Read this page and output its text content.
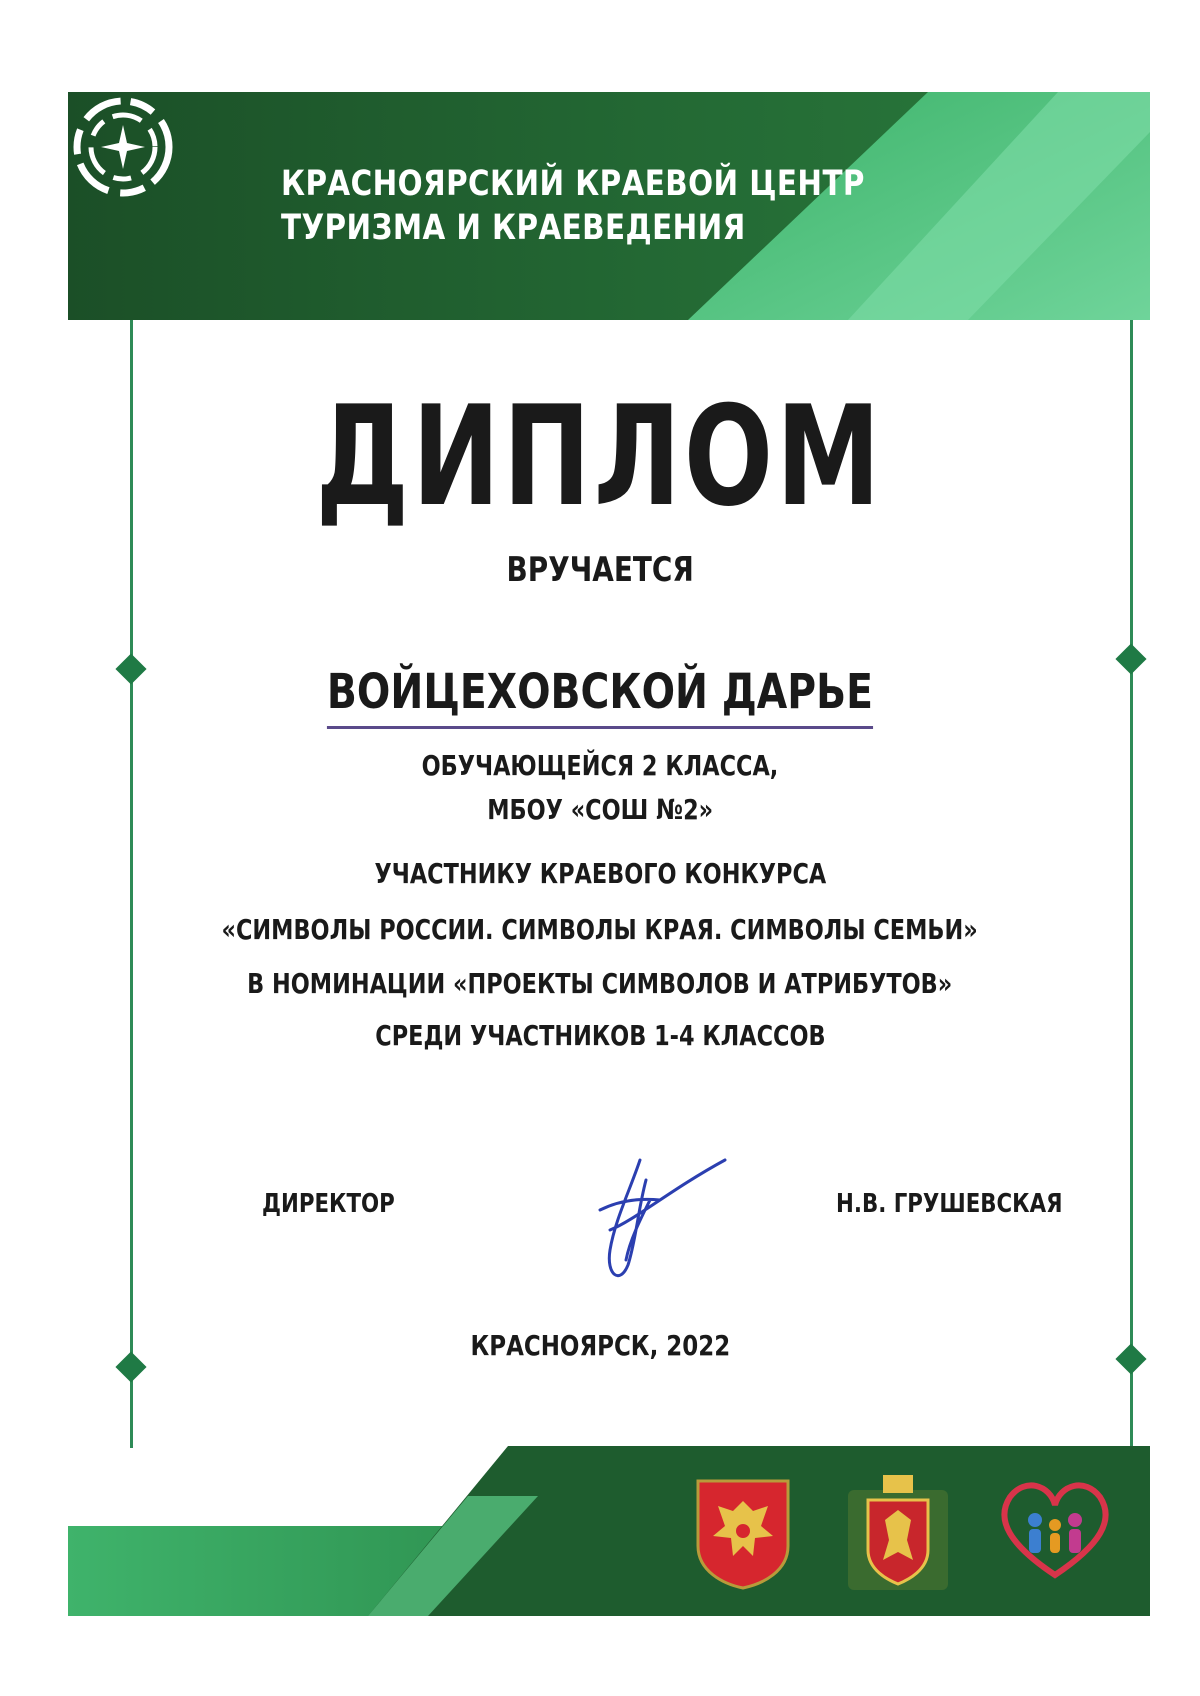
КРАСНОЯРСКИЙ КРАЕВОЙ ЦЕНТР
ТУРИЗМА И КРАЕВЕДЕНИЯ
ДИПЛОМ
ВРУЧАЕТСЯ
ВОЙЦЕХОВСКОЙ ДАРЬЕ
ОБУЧАЮЩЕЙСЯ 2 КЛАССА,
МБОУ «СОШ №2»
УЧАСТНИКУ КРАЕВОГО КОНКУРСА
«СИМВОЛЫ РОССИИ. СИМВОЛЫ КРАЯ. СИМВОЛЫ СЕМЬИ»
В НОМИНАЦИИ «ПРОЕКТЫ СИМВОЛОВ И АТРИБУТОВ»
СРЕДИ УЧАСТНИКОВ 1-4 КЛАССОВ
ДИРЕКТОР	Н.В. ГРУШЕВСКАЯ
КРАСНОЯРСК, 2022
